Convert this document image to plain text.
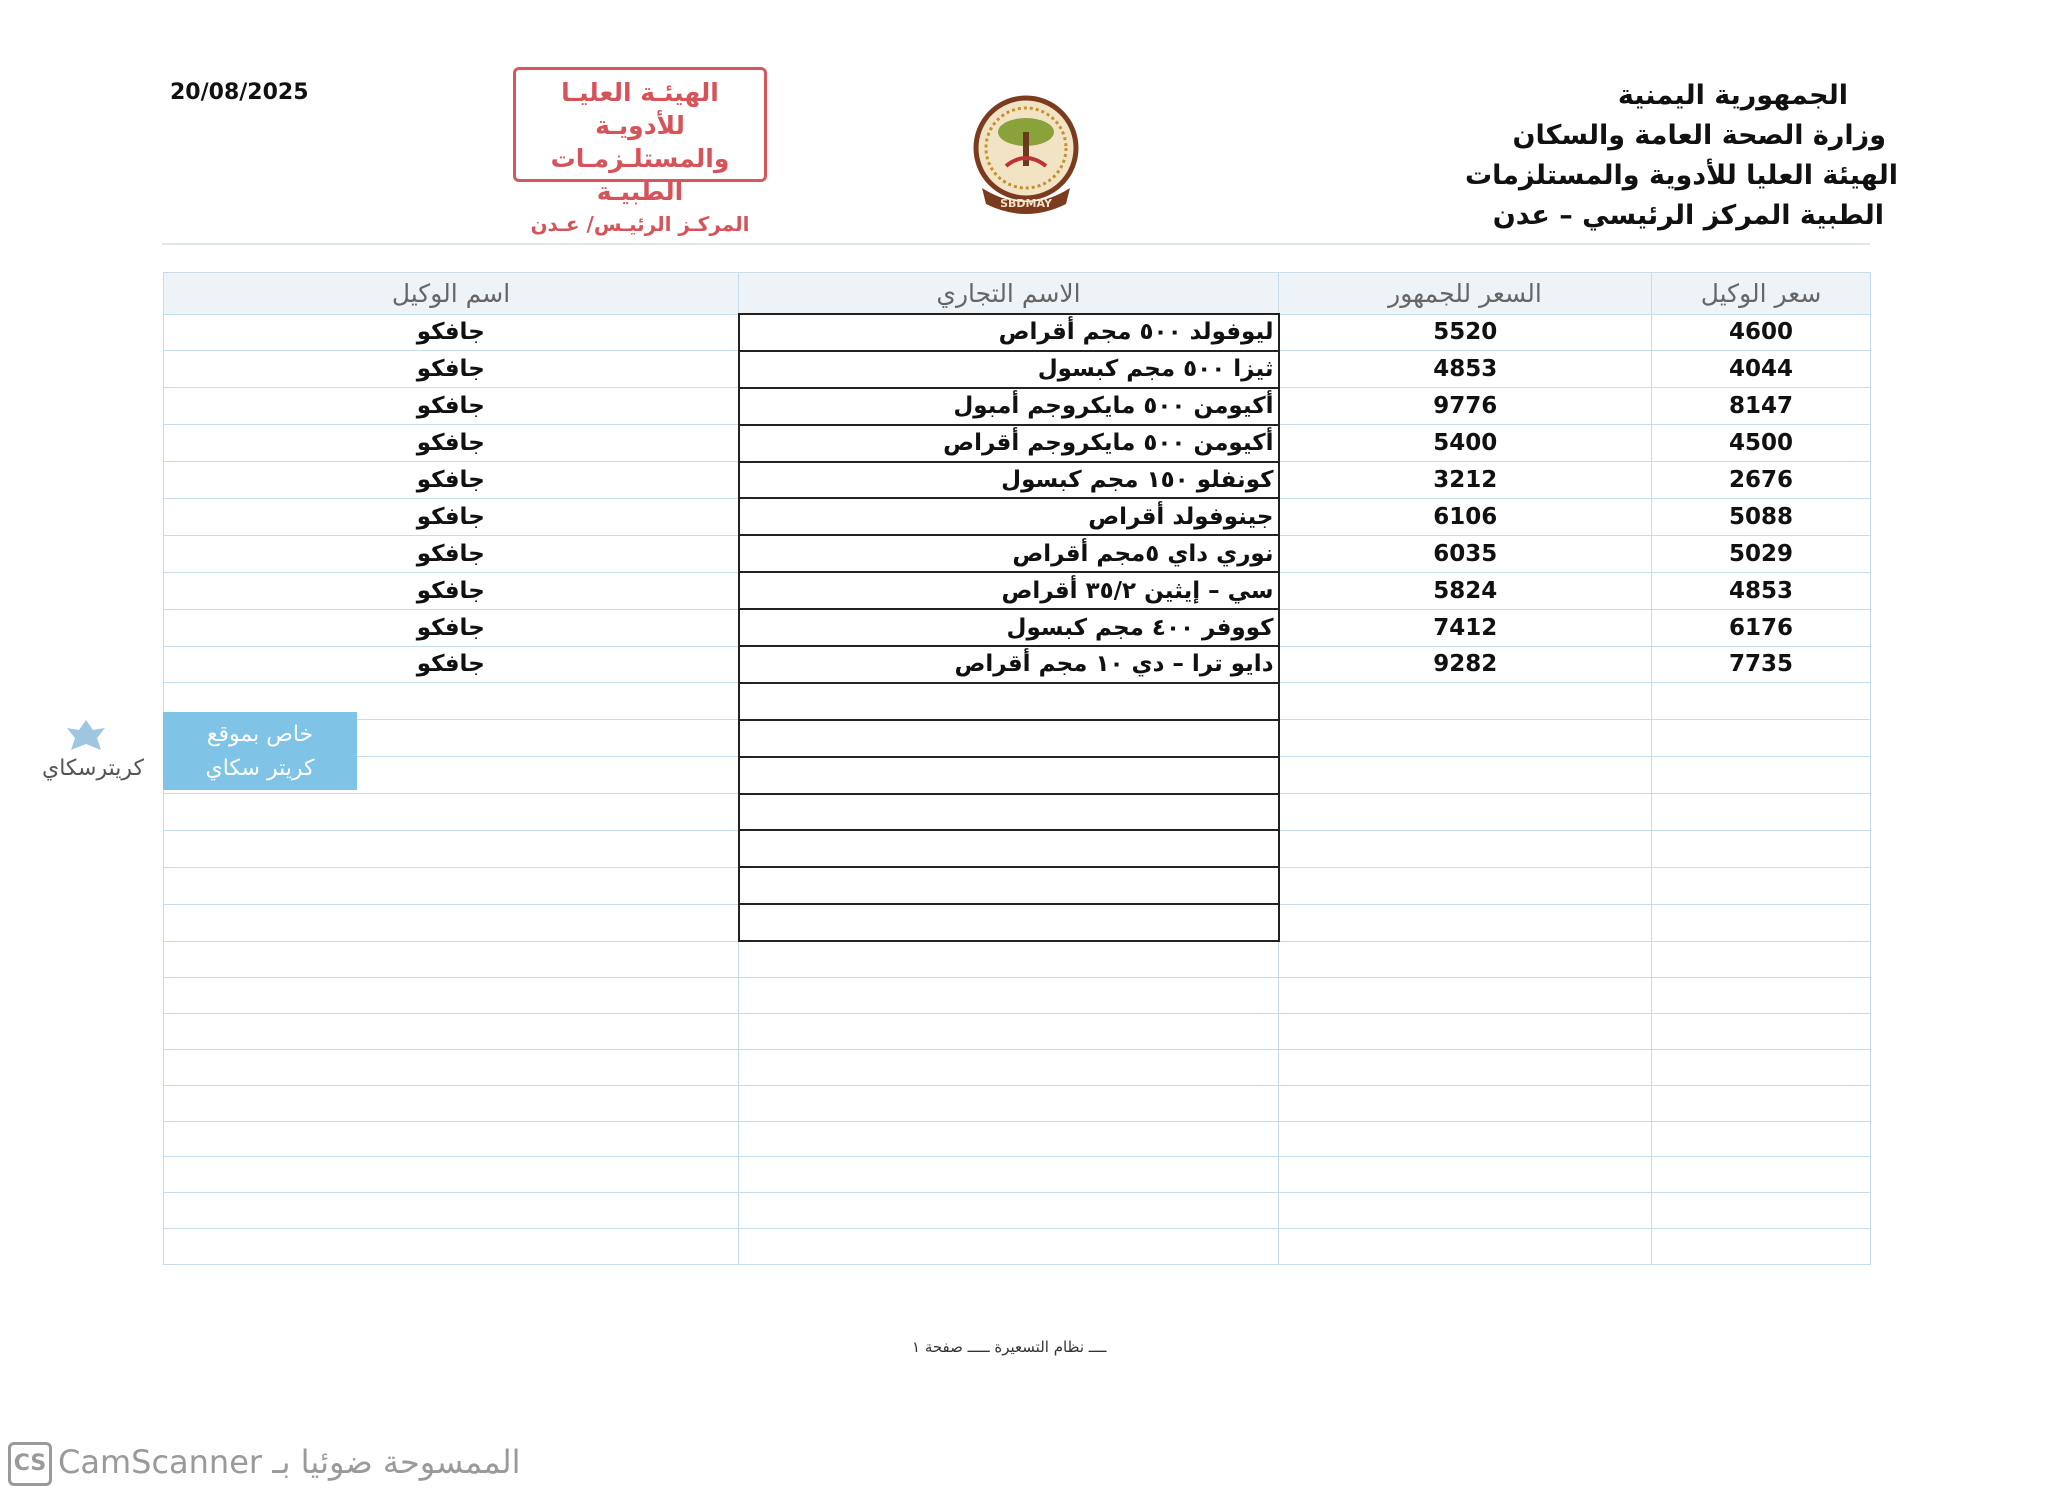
20/08/2025	الجمهورية اليمنية
وزارة الصحة العامة والسكان
الهيئة العليا للأدوية والمستلزمات
الطبية المركز الرئيسي – عدن
الهيئـة العليـا للأدويـة
والمستلـزمـات الطبيـة
المركـز الرئيـس/ عـدن
SBDMAY
سعر الوكيل	السعر للجمهور	الاسم التجاري	اسم الوكيل
4600	5520	ليوفولد ٥٠٠ مجم أقراص	جافكو
4044	4853	ثيزا ٥٠٠ مجم كبسول	جافكو
8147	9776	أكيومن ٥٠٠ مايكروجم أمبول	جافكو
4500	5400	أكيومن ٥٠٠ مايكروجم أقراص	جافكو
2676	3212	كونفلو ١٥٠ مجم كبسول	جافكو
5088	6106	جينوفولد أقراص	جافكو
5029	6035	نوري داي ٥مجم أقراص	جافكو
4853	5824	سي – إيثين ٣٥/٢ أقراص	جافكو
6176	7412	كووفر ٤٠٠ مجم كبسول	جافكو
7735	9282	دايو ترا – دي ١٠ مجم أقراص	جافكو

كريترسكاي
خاص بموقع
كريتر سكاي
ــــ نظام التسعيرة ـــــ صفحة ١
CS CamScanner الممسوحة ضوئيا بـ
